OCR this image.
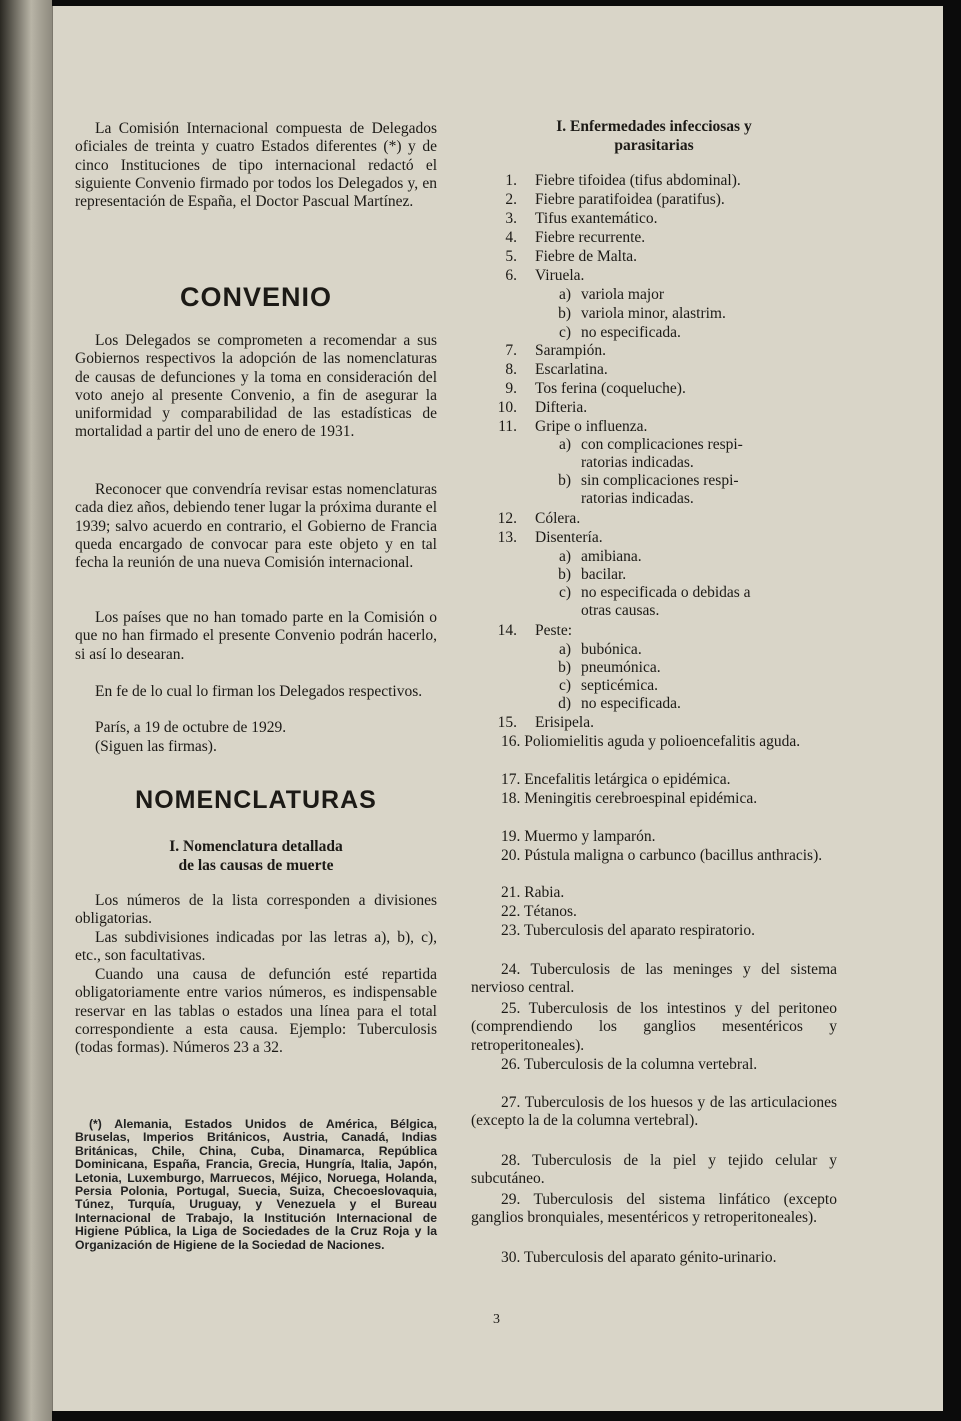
La Comisión Internacional compuesta de Delegados oficiales de treinta y cuatro Estados diferentes (*) y de cinco Instituciones de tipo internacional redactó el siguiente Convenio firmado por todos los Delegados y, en representación de España, el Doctor Pascual Martínez.
CONVENIO
Los Delegados se comprometen a recomendar a sus Gobiernos respectivos la adopción de las nomenclaturas de causas de defunciones y la toma en consideración del voto anejo al presente Convenio, a fin de asegurar la uniformidad y comparabilidad de las estadísticas de mortalidad a partir del uno de enero de 1931.
Reconocer que convendría revisar estas nomenclaturas cada diez años, debiendo tener lugar la próxima durante el 1939; salvo acuerdo en contrario, el Gobierno de Francia queda encargado de convocar para este objeto y en tal fecha la reunión de una nueva Comisión internacional.
Los países que no han tomado parte en la Comisión o que no han firmado el presente Convenio podrán hacerlo, si así lo desearan.
En fe de lo cual lo firman los Delegados respectivos.
París, a 19 de octubre de 1929.
(Siguen las firmas).
NOMENCLATURAS
I. Nomenclatura detallada
de las causas de muerte
Los números de la lista corresponden a divisiones obligatorias.
Las subdivisiones indicadas por las letras a), b), c), etc., son facultativas.
Cuando una causa de defunción esté repartida obligatoriamente entre varios números, es indispensable reservar en las tablas o estados una línea para el total correspondiente a esta causa. Ejemplo: Tuberculosis (todas formas). Números 23 a 32.
(*) Alemania, Estados Unidos de América, Bélgica, Bruselas, Imperios Británicos, Austria, Canadá, Indias Británicas, Chile, China, Cuba, Dinamarca, República Dominicana, España, Francia, Grecia, Hungría, Italia, Japón, Letonia, Luxemburgo, Marruecos, Méjico, Noruega, Holanda, Persia Polonia, Portugal, Suecia, Suiza, Checoeslovaquia, Túnez, Turquía, Uruguay, y Venezuela y el Bureau Internacional de Trabajo, la Institución Internacional de Higiene Pública, la Liga de Sociedades de la Cruz Roja y la Organización de Higiene de la Sociedad de Naciones.
I. Enfermedades infecciosas y
parasitarias
1. Fiebre tifoidea (tifus abdominal).
2. Fiebre paratifoidea (paratifus).
3. Tifus exantemático.
4. Fiebre recurrente.
5. Fiebre de Malta.
6. Viruela.
a) variola major
b) variola minor, alastrim.
c) no especificada.
7. Sarampión.
8. Escarlatina.
9. Tos ferina (coqueluche).
10. Difteria.
11. Gripe o influenza.
a) con complicaciones respi-
ratorias indicadas.
b) sin complicaciones respi-
ratorias indicadas.
12. Cólera.
13. Disentería.
a) amibiana.
b) bacilar.
c) no especificada o debidas a
otras causas.
14. Peste:
a) bubónica.
b) pneumónica.
c) septicémica.
d) no especificada.
15. Erisipela.
16. Poliomielitis aguda y polioencefalitis aguda.
17. Encefalitis letárgica o epidémica.
18. Meningitis cerebroespinal epidémica.
19. Muermo y lamparón.
20. Pústula maligna o carbunco (bacillus anthracis).
21. Rabia.
22. Tétanos.
23. Tuberculosis del aparato respiratorio.
24. Tuberculosis de las meninges y del sistema nervioso central.
25. Tuberculosis de los intestinos y del peritoneo (comprendiendo los ganglios mesentéricos y retroperitoneales).
26. Tuberculosis de la columna vertebral.
27. Tuberculosis de los huesos y de las articulaciones (excepto la de la columna vertebral).
28. Tuberculosis de la piel y tejido celular y subcutáneo.
29. Tuberculosis del sistema linfático (excepto ganglios bronquiales, mesentéricos y retroperitoneales).
30. Tuberculosis del aparato génito-urinario.
3
